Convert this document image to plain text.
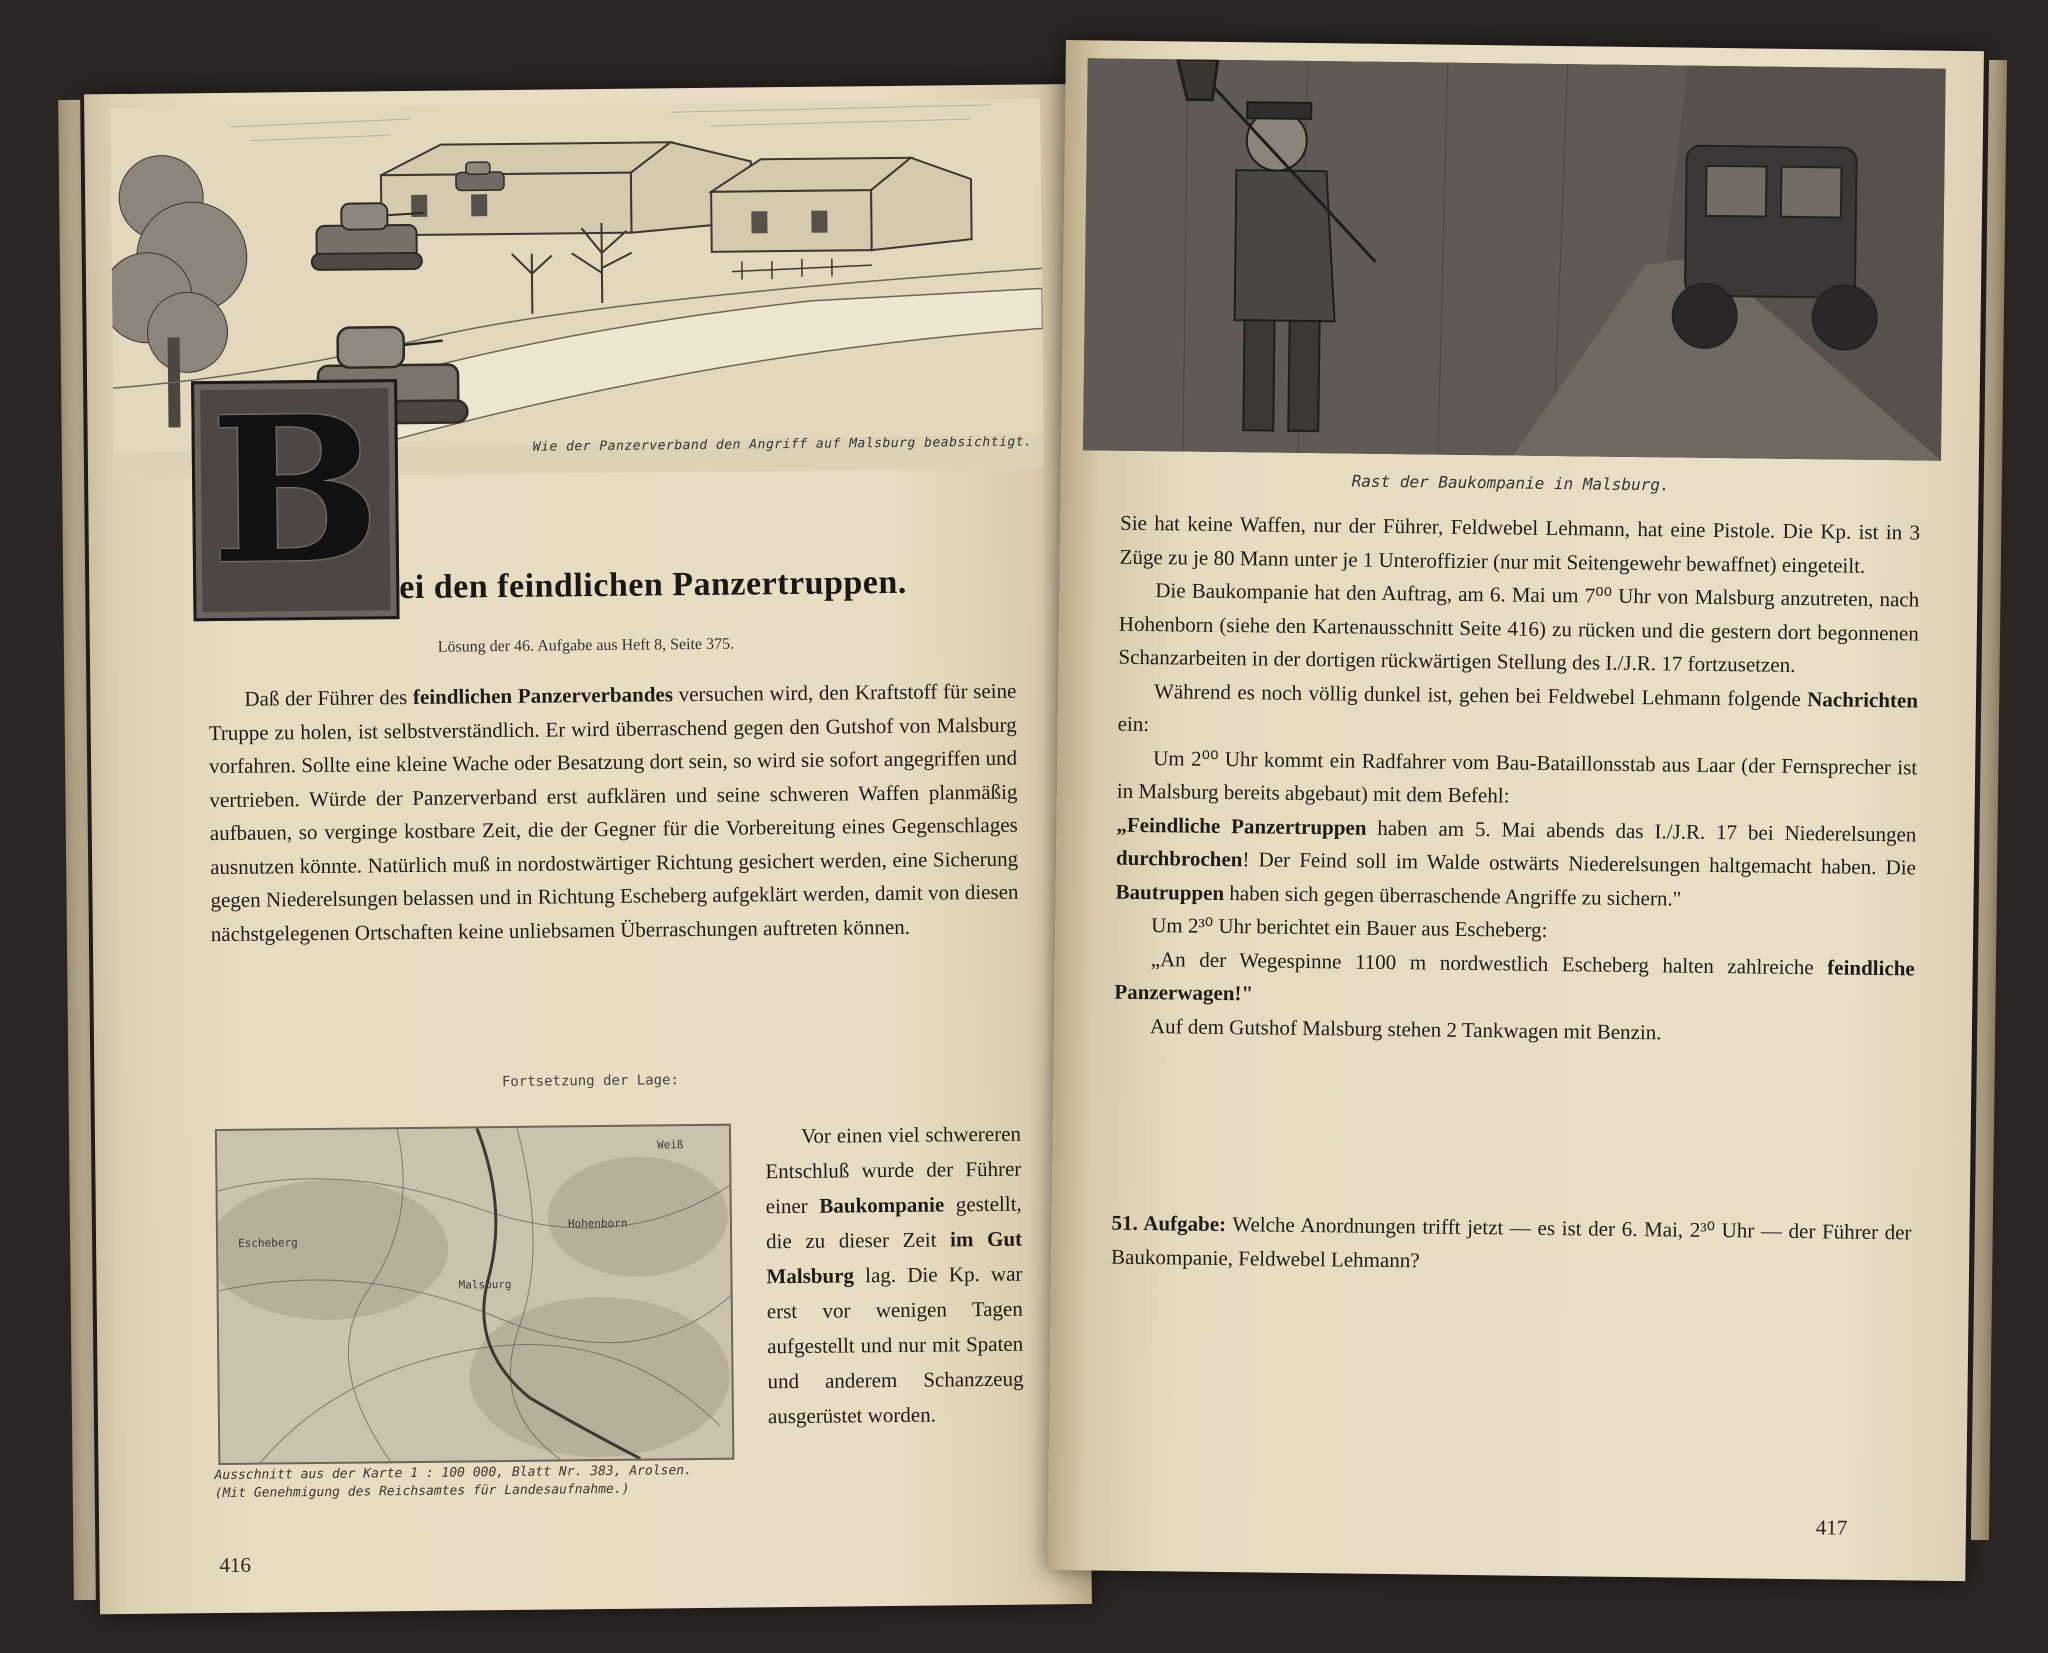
Wie der Panzerverband den Angriff auf Malsburg beabsichtigt.
B ei den feindlichen Panzertruppen.
Lösung der 46. Aufgabe aus Heft 8, Seite 375.
Daß der Führer des feindlichen Panzerverbandes versuchen wird, den Kraftstoff für seine Truppe zu holen, ist selbstverständlich. Er wird überraschend gegen den Gutshof von Malsburg vorfahren. Sollte eine kleine Wache oder Besatzung dort sein, so wird sie sofort angegriffen und vertrieben. Würde der Panzerverband erst aufklären und seine schweren Waffen planmäßig aufbauen, so verginge kostbare Zeit, die der Gegner für die Vorbereitung eines Gegenschlages ausnutzen könnte. Natürlich muß in nordostwärtiger Richtung gesichert werden, eine Sicherung gegen Niederelsungen belassen und in Richtung Escheberg aufgeklärt werden, damit von diesen nächstgelegenen Ortschaften keine unliebsamen Überraschungen auftreten können.
Fortsetzung der Lage:
Weiß
Escheberg
Malsburg
Hohenborn
Ausschnitt aus der Karte 1 : 100 000, Blatt Nr. 383, Arolsen.
(Mit Genehmigung des Reichsamtes für Landesaufnahme.)
Vor einen viel schwereren Entschluß wurde der Führer einer Baukompanie gestellt, die zu dieser Zeit im Gut Malsburg lag. Die Kp. war erst vor wenigen Tagen aufgestellt und nur mit Spaten und anderem Schanzzeug ausgerüstet worden.
416
Rast der Baukompanie in Malsburg.

Sie hat keine Waffen, nur der Führer, Feldwebel Lehmann, hat eine Pistole. Die Kp. ist in 3 Züge zu je 80 Mann unter je 1 Unteroffizier (nur mit Seitengewehr bewaffnet) eingeteilt.

Die Baukompanie hat den Auftrag, am 6. Mai um 7⁰⁰ Uhr von Malsburg anzutreten, nach Hohenborn (siehe den Kartenausschnitt Seite 416) zu rücken und die gestern dort begonnenen Schanzarbeiten in der dortigen rückwärtigen Stellung des I./J.R. 17 fortzusetzen.

Während es noch völlig dunkel ist, gehen bei Feldwebel Lehmann folgende Nachrichten ein:

Um 2⁰⁰ Uhr kommt ein Radfahrer vom Bau-Bataillonsstab aus Laar (der Fernsprecher ist in Malsburg bereits abgebaut) mit dem Befehl:

„Feindliche Panzertruppen haben am 5. Mai abends das I./J.R. 17 bei Niederelsungen durchbrochen! Der Feind soll im Walde ostwärts Niederelsungen haltgemacht haben. Die Bautruppen haben sich gegen überraschende Angriffe zu sichern."

Um 2³⁰ Uhr berichtet ein Bauer aus Escheberg:

„An der Wegespinne 1100 m nordwestlich Escheberg halten zahlreiche feindliche Panzerwagen!"

Auf dem Gutshof Malsburg stehen 2 Tankwagen mit Benzin.

51. Aufgabe: Welche Anordnungen trifft jetzt — es ist der 6. Mai, 2³⁰ Uhr — der Führer der Baukompanie, Feldwebel Lehmann?

417
